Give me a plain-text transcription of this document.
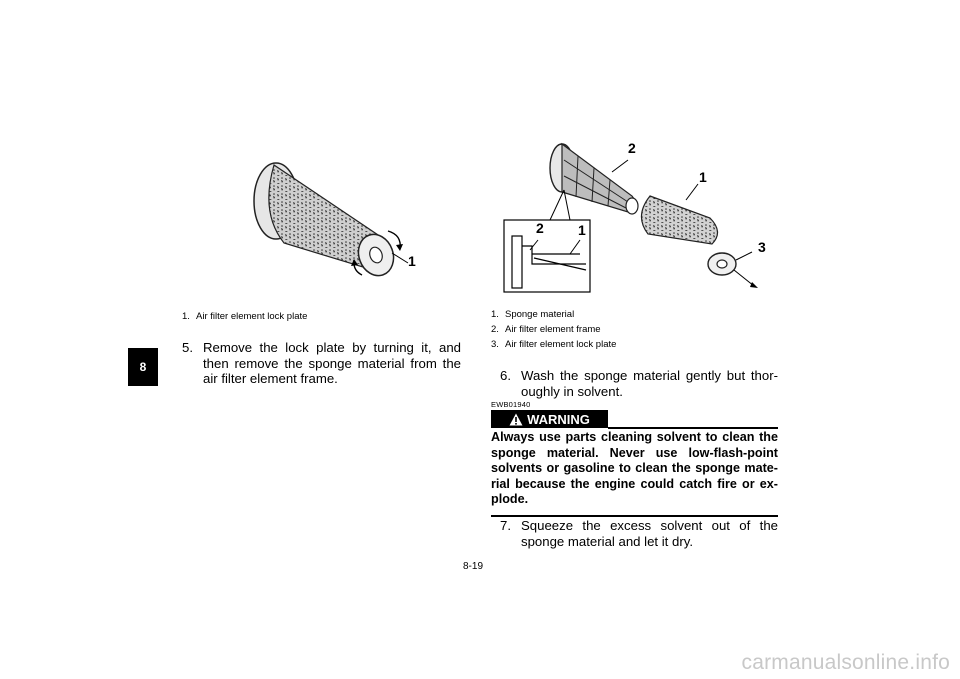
8
1
1. Air filter element lock plate
5. Remove the lock plate by turning it, and then remove the sponge material from the air filter element frame.
2
1
3
2 1
1. Sponge material
2. Air filter element frame
3. Air filter element lock plate
6. Wash the sponge material gently but thor-oughly in solvent.
EWB01940
WARNING
Always use parts cleaning solvent to clean the sponge material. Never use low-flash-point solvents or gasoline to clean the sponge mate-rial because the engine could catch fire or ex-plode.
7. Squeeze the excess solvent out of the sponge material and let it dry.
8-19
carmanualsonline.info
